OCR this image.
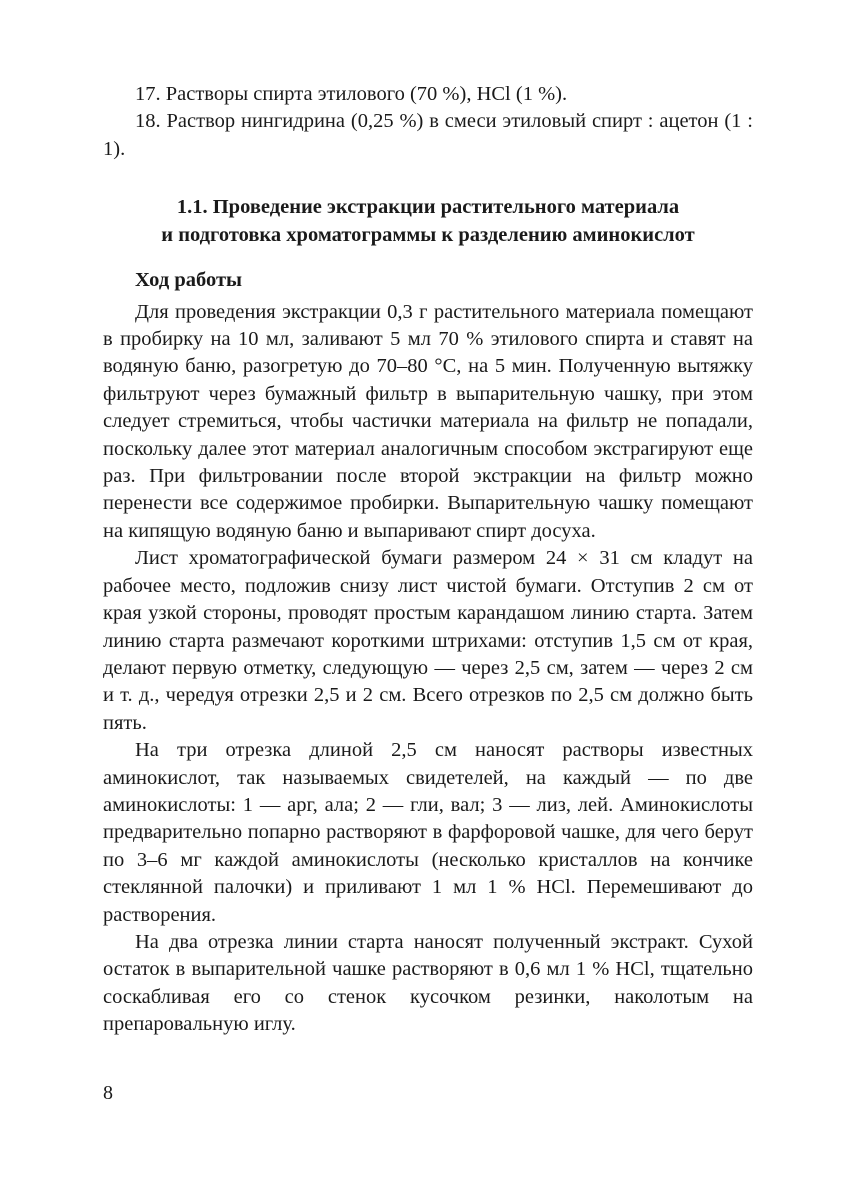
17. Растворы спирта этилового (70 %), HCl (1 %).

18. Раствор нингидрина (0,25 %) в смеси этиловый спирт : ацетон (1 : 1).

1.1. Проведение экстракции растительного материала
и подготовка хроматограммы к разделению аминокислот

Ход работы

Для проведения экстракции 0,3 г растительного материала помещают в пробирку на 10 мл, заливают 5 мл 70 % этилового спирта и ставят на водяную баню, разогретую до 70–80 °С, на 5 мин. Полученную вытяжку фильтруют через бумажный фильтр в выпарительную чашку, при этом следует стремиться, чтобы частички материала на фильтр не попадали, поскольку далее этот материал аналогичным способом экстрагируют еще раз. При фильтровании после второй экстракции на фильтр можно перенести все содержимое пробирки. Выпарительную чашку помещают на кипящую водяную баню и выпаривают спирт досуха.

Лист хроматографической бумаги размером 24 × 31 см кладут на рабочее место, подложив снизу лист чистой бумаги. Отступив 2 см от края узкой стороны, проводят простым карандашом линию старта. Затем линию старта размечают короткими штрихами: отступив 1,5 см от края, делают первую отметку, следующую — через 2,5 см, затем — через 2 см и т. д., чередуя отрезки 2,5 и 2 см. Всего отрезков по 2,5 см должно быть пять.

На три отрезка длиной 2,5 см наносят растворы известных аминокислот, так называемых свидетелей, на каждый — по две аминокислоты: 1 — арг, ала; 2 — гли, вал; 3 — лиз, лей. Аминокислоты предварительно попарно растворяют в фарфоровой чашке, для чего берут по 3–6 мг каждой аминокислоты (несколько кристаллов на кончике стеклянной палочки) и приливают 1 мл 1 % HCl. Перемешивают до растворения.

На два отрезка линии старта наносят полученный экстракт. Сухой остаток в выпарительной чашке растворяют в 0,6 мл 1 % HCl, тщательно соскабливая его со стенок кусочком резинки, наколотым на препаровальную иглу.

8
